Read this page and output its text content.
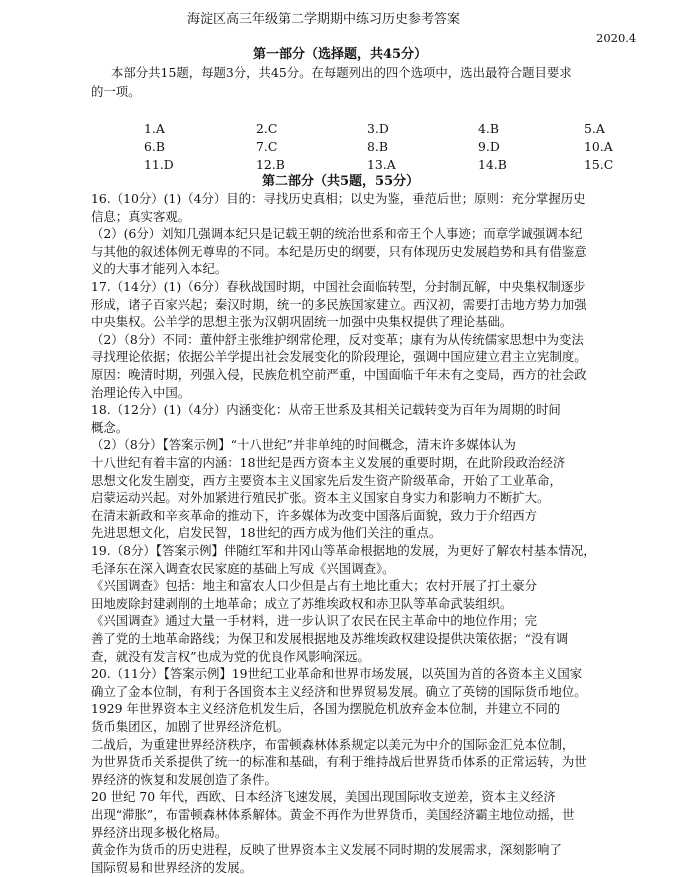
海淀区高三年级第二学期期中练习历史参考答案
2020.4
第一部分（选择题，共45分）
本部分共15题，每题3分，共45分。在每题列出的四个选项中，选出最符合题目要求
的一项。
1.A	2.C	3.D	4.B	5.A
6.B	7.C	8.B	9.D	10.A
11.D	12.B	13.A	14.B	15.C
第二部分（共5题，55分）
16.（10分）(1)（4分）目的：寻找历史真相；以史为鉴，垂范后世；原则：充分掌握历史
信息；真实客观。
（2）(6分）刘知几强调本纪只是记载王朝的统治世系和帝王个人事迹；而章学诚强调本纪
与其他的叙述体例无尊卑的不同。本纪是历史的纲要，只有体现历史发展趋势和具有借鉴意
义的大事才能列入本纪。
17.（14分）(1)（6分）春秋战国时期，中国社会面临转型，分封制瓦解，中央集权制逐步
形成，诸子百家兴起；秦汉时期，统一的多民族国家建立。西汉初，需要打击地方势力加强
中央集权。公羊学的思想主张为汉朝巩固统一加强中央集权提供了理论基础。
（2）（8分）不同：董仲舒主张维护纲常伦理，反对变革；康有为从传统儒家思想中为变法
寻找理论依据；依据公羊学提出社会发展变化的阶段理论，强调中国应建立君主立宪制度。
原因：晚清时期，列强入侵，民族危机空前严重，中国面临千年未有之变局，西方的社会政
治理论传入中国。
18.（12分）(1)（4分）内涵变化：从帝王世系及其相关记载转变为百年为周期的时间
概念。
（2）（8分）【答案示例】“十八世纪”并非单纯的时间概念，清末许多媒体认为
十八世纪有着丰富的内涵：18世纪是西方资本主义发展的重要时期，在此阶段政治经济
思想文化发生剧变，西方主要资本主义国家先后发生资产阶级革命，开始了工业革命，
启蒙运动兴起。对外加紧进行殖民扩张。资本主义国家自身实力和影响力不断扩大。
在清末新政和辛亥革命的推动下，许多媒体为改变中国落后面貌，致力于介绍西方
先进思想文化，启发民智，18世纪的西方成为他们关注的重点。
19.（8分）【答案示例】伴随红军和井冈山等革命根据地的发展，为更好了解农村基本情况，
毛泽东在深入调查农民家庭的基础上写成《兴国调查》。
《兴国调查》包括：地主和富农人口少但是占有土地比重大；农村开展了打土豪分
田地废除封建剥削的土地革命；成立了苏维埃政权和赤卫队等革命武装组织。
《兴国调查》通过大量一手材料，进一步认识了农民在民主革命中的地位作用；完
善了党的土地革命路线；为保卫和发展根据地及苏维埃政权建设提供决策依据；“没有调
查，就没有发言权”也成为党的优良作风影响深远。
20.（11分）【答案示例】19世纪工业革命和世界市场发展，以英国为首的各资本主义国家
确立了金本位制，有利于各国资本主义经济和世界贸易发展。确立了英镑的国际货币地位。
1929 年世界资本主义经济危机发生后，各国为摆脱危机放弃金本位制，并建立不同的
货币集团区，加剧了世界经济危机。
二战后，为重建世界经济秩序，布雷顿森林体系规定以美元为中介的国际金汇兑本位制，
为世界货币关系提供了统一的标准和基础，有利于维持战后世界货币体系的正常运转，为世
界经济的恢复和发展创造了条件。
20 世纪 70 年代，西欧、日本经济飞速发展，美国出现国际收支逆差，资本主义经济
出现“滞胀”，布雷顿森林体系解体。黄金不再作为世界货币，美国经济霸主地位动摇，世
界经济出现多极化格局。
黄金作为货币的历史进程，反映了世界资本主义发展不同时期的发展需求，深刻影响了
国际贸易和世界经济的发展。
